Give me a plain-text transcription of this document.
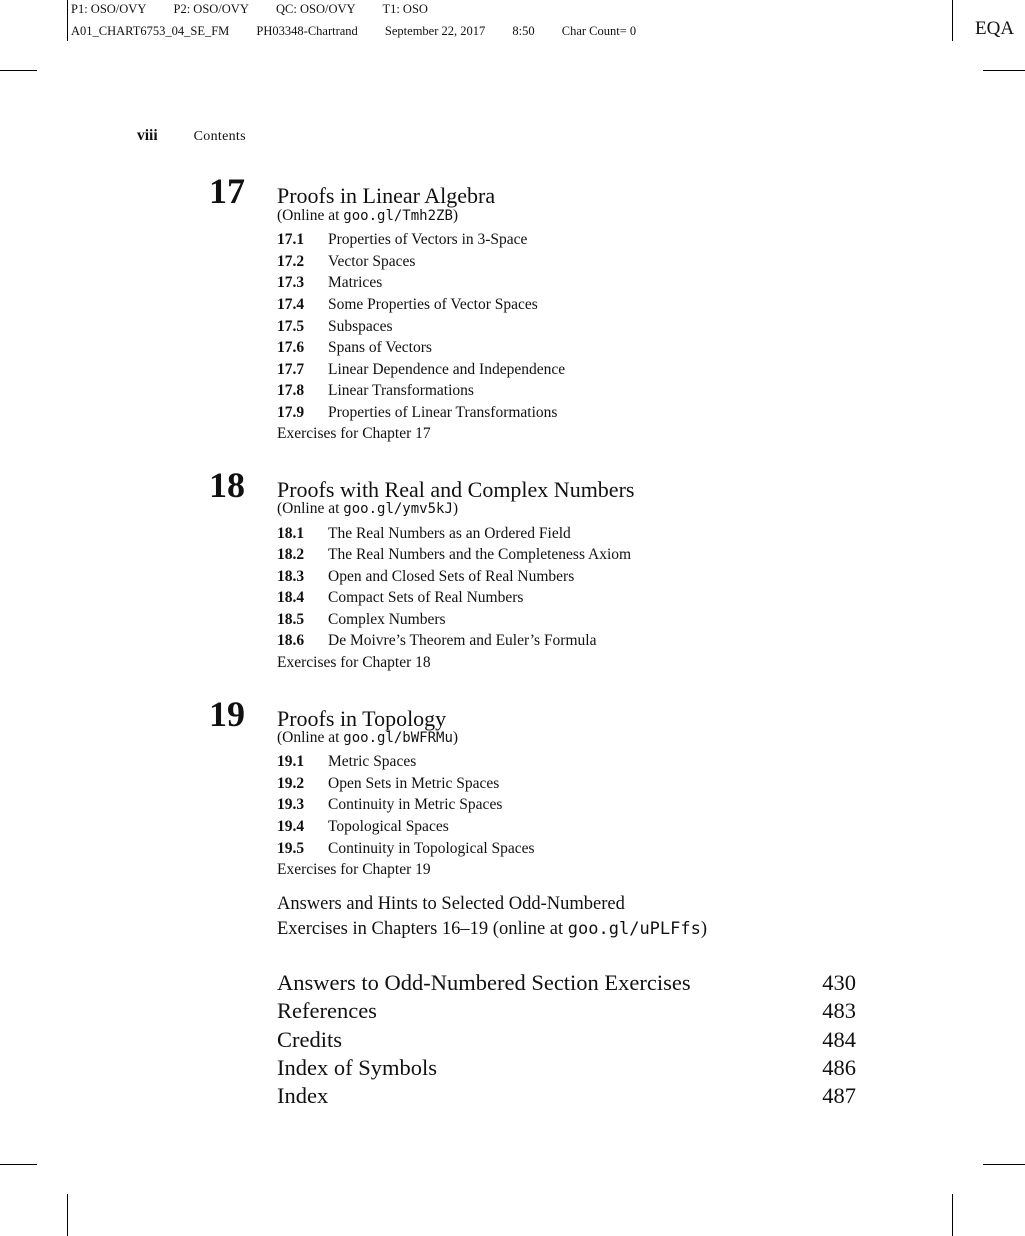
P1: OSO/OVY P2: OSO/OVY QC: OSO/OVY T1: OSO
A01_CHART6753_04_SE_FM PH03348-Chartrand September 22, 2017 8:50 Char Count= 0	EQA
viii	Contents
17 Proofs in Linear Algebra
(Online at goo.gl/Tmh2ZB)
17.1 Properties of Vectors in 3-Space
17.2 Vector Spaces
17.3 Matrices
17.4 Some Properties of Vector Spaces
17.5 Subspaces
17.6 Spans of Vectors
17.7 Linear Dependence and Independence
17.8 Linear Transformations
17.9 Properties of Linear Transformations
Exercises for Chapter 17
18 Proofs with Real and Complex Numbers
(Online at goo.gl/ymv5kJ)
18.1 The Real Numbers as an Ordered Field
18.2 The Real Numbers and the Completeness Axiom
18.3 Open and Closed Sets of Real Numbers
18.4 Compact Sets of Real Numbers
18.5 Complex Numbers
18.6 De Moivre’s Theorem and Euler’s Formula
Exercises for Chapter 18
19 Proofs in Topology
(Online at goo.gl/bWFRMu)
19.1 Metric Spaces
19.2 Open Sets in Metric Spaces
19.3 Continuity in Metric Spaces
19.4 Topological Spaces
19.5 Continuity in Topological Spaces
Exercises for Chapter 19
Answers and Hints to Selected Odd-Numbered
Exercises in Chapters 16–19 (online at goo.gl/uPLFfs)
Answers to Odd-Numbered Section Exercises	430
References	483
Credits	484
Index of Symbols	486
Index	487
